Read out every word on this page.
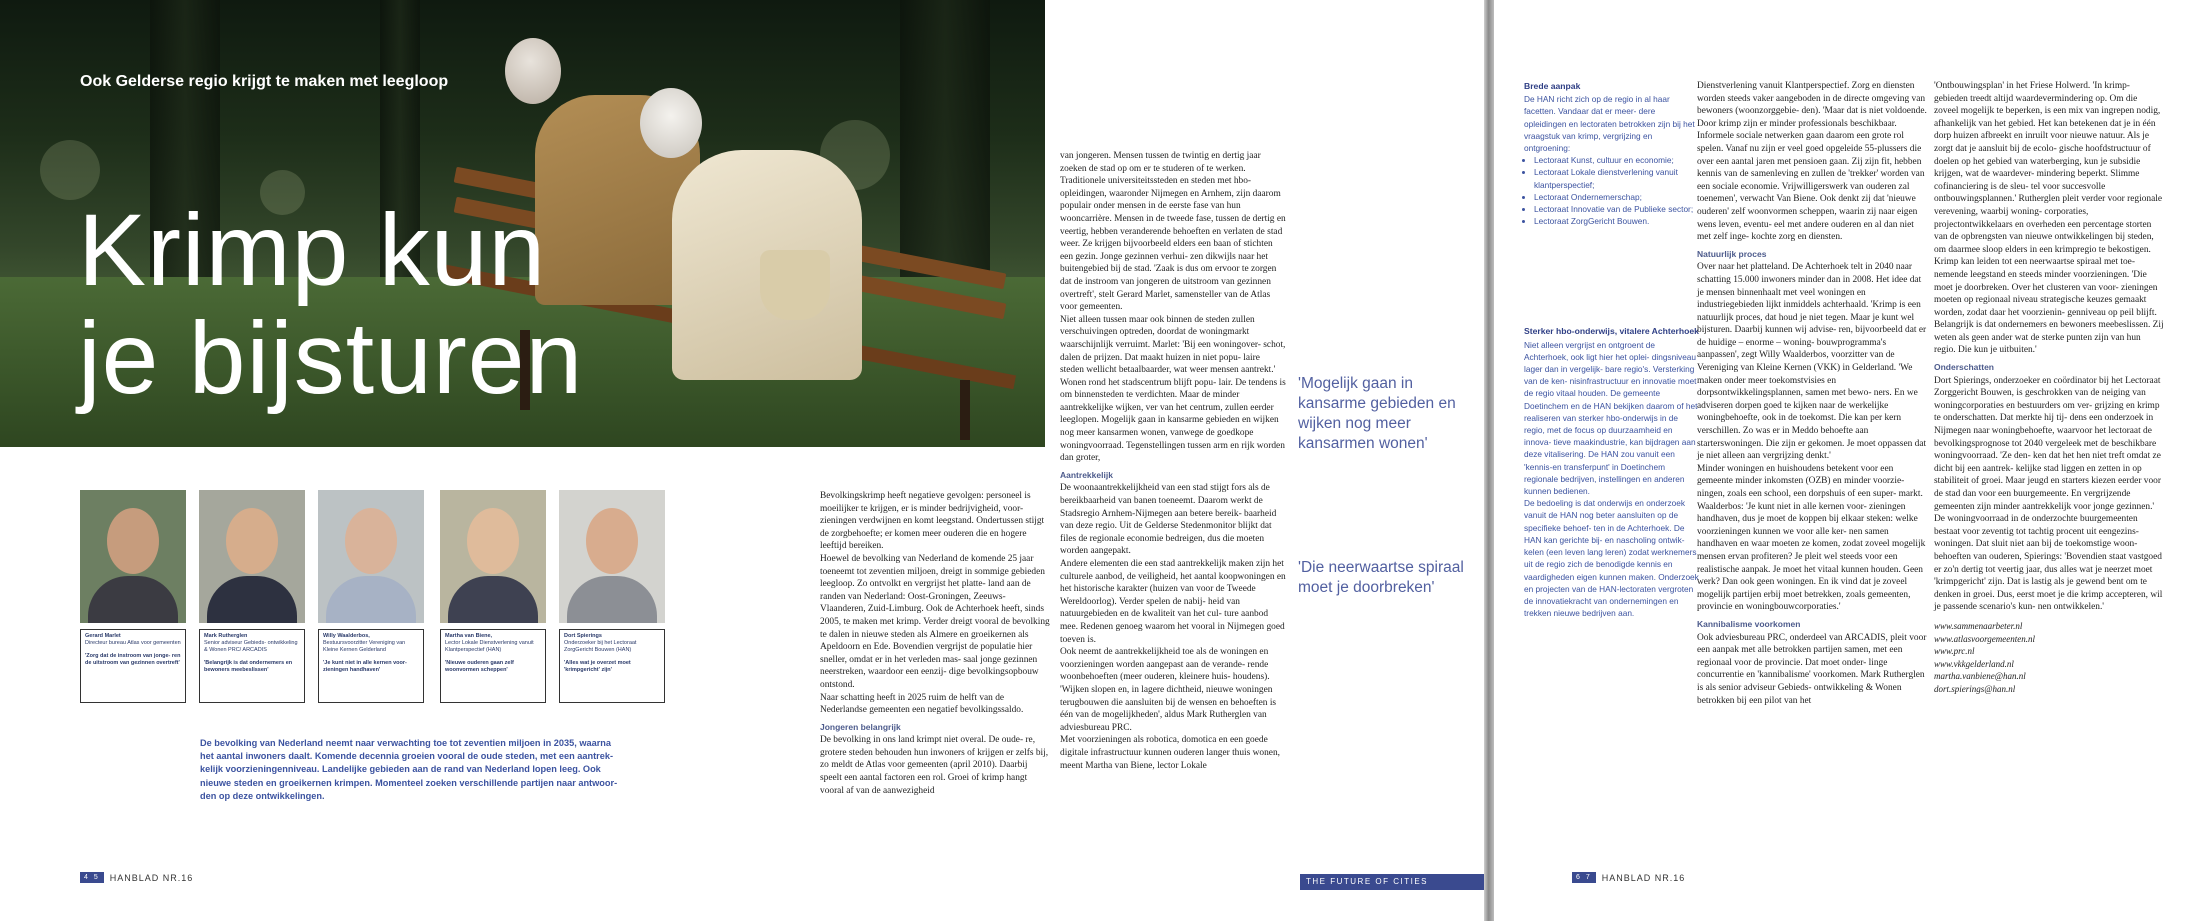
Ook Gelderse regio krijgt te maken met leegloop
Krimp kun
je bijsturen
Gerard Marlet
Directeur bureau Atlas voor gemeenten
'Zorg dat de instroom van jonge- ren de uitstroom van gezinnen overtreft'
Mark Rutherglen
Senior adviseur Gebieds- ontwikkeling & Wonen PRC/ ARCADIS
'Belangrijk is dat ondernemers en bewoners meebeslissen'
Willy Waalderbos,
Bestuursvoorzitter Vereniging van Kleine Kernen Gelderland
'Je kunt niet in alle kernen voor- zieningen handhaven'
Martha van Biene,
Lector Lokale Dienstverlening vanuit Klantperspectief (HAN)
'Nieuwe ouderen gaan zelf woonvormen scheppen'
Dort Spierings
Onderzoeker bij het Lectoraat ZorgGericht Bouwen (HAN)
'Alles wat je overzet moet 'krimpgericht' zijn'

De bevolking van Nederland neemt naar verwachting toe tot zeventien miljoen in 2035, waarna het aantal inwoners daalt. Komende decennia groeien vooral de oude steden, met een aantrek- kelijk voorzieningenniveau. Landelijke gebieden aan de rand van Nederland lopen leeg. Ook nieuwe steden en groeikernen krimpen. Momenteel zoeken verschillende partijen naar antwoor- den op deze ontwikkelingen.

Bevolkingskrimp heeft negatieve gevolgen: personeel is moeilijker te krijgen, er is minder bedrijvigheid, voor- zieningen verdwijnen en komt leegstand. Ondertussen stijgt de zorgbehoefte; er komen meer ouderen die en hogere leeftijd bereiken.

Hoewel de bevolking van Nederland de komende 25 jaar toeneemt tot zeventien miljoen, dreigt in sommige gebieden leegloop. Zo ontvolkt en vergrijst het platte- land aan de randen van Nederland: Oost-Groningen, Zeeuws-Vlaanderen, Zuid-Limburg. Ook de Achterhoek heeft, sinds 2005, te maken met krimp. Verder dreigt vooral de bevolking te dalen in nieuwe steden als Almere en groeikernen als Apeldoorn en Ede. Bovendien vergrijst de populatie hier sneller, omdat er in het verleden mas- saal jonge gezinnen neerstreken, waardoor een eenzij- dige bevolkingsopbouw ontstond.

Naar schatting heeft in 2025 ruim de helft van de Nederlandse gemeenten een negatief bevolkingssaldo.

Jongeren belangrijk

De bevolking in ons land krimpt niet overal. De oude- re, grotere steden behouden hun inwoners of krijgen er zelfs bij, zo meldt de Atlas voor gemeenten (april 2010). Daarbij speelt een aantal factoren een rol. Groei of krimp hangt vooral af van de aanwezigheid

van jongeren. Mensen tussen de twintig en dertig jaar zoeken de stad op om er te studeren of te werken. Traditionele universiteitssteden en steden met hbo- opleidingen, waaronder Nijmegen en Arnhem, zijn daarom populair onder mensen in de eerste fase van hun wooncarrière. Mensen in de tweede fase, tussen de dertig en veertig, hebben veranderende behoeften en verlaten de stad weer. Ze krijgen bijvoorbeeld elders een baan of stichten een gezin. Jonge gezinnen verhui- zen dikwijls naar het buitengebied bij de stad. 'Zaak is dus om ervoor te zorgen dat de instroom van jongeren de uitstroom van gezinnen overtreft', stelt Gerard Marlet, samensteller van de Atlas voor gemeenten.

Niet alleen tussen maar ook binnen de steden zullen verschuivingen optreden, doordat de woningmarkt waarschijnlijk verruimt. Marlet: 'Bij een woningover- schot, dalen de prijzen. Dat maakt huizen in niet popu- laire steden wellicht betaalbaarder, wat weer mensen aantrekt.' Wonen rond het stadscentrum blijft popu- lair. De tendens is om binnensteden te verdichten. Maar de minder aantrekkelijke wijken, ver van het centrum, zullen eerder leeglopen. Mogelijk gaan in kansarme gebieden en wijken nog meer kansarmen wonen, vanwege de goedkope woningvoorraad. Tegenstellingen tussen arm en rijk worden dan groter,

Aantrekkelijk

De woonaantrekkelijkheid van een stad stijgt fors als de bereikbaarheid van banen toeneemt. Daarom werkt de Stadsregio Arnhem-Nijmegen aan betere bereik- baarheid van deze regio. Uit de Gelderse Stedenmonitor blijkt dat files de regionale economie bedreigen, dus die moeten worden aangepakt.

Andere elementen die een stad aantrekkelijk maken zijn het culturele aanbod, de veiligheid, het aantal koopwoningen en het historische karakter (huizen van voor de Tweede Wereldoorlog). Verder spelen de nabij- heid van natuurgebieden en de kwaliteit van het cul- ture aanbod mee. Redenen genoeg waarom het vooral in Nijmegen goed toeven is.

Ook neemt de aantrekkelijkheid toe als de woningen en voorzieningen worden aangepast aan de verande- rende woonbehoeften (meer ouderen, kleinere huis- houdens). 'Wijken slopen en, in lagere dichtheid, nieuwe woningen terugbouwen die aansluiten bij de wensen en behoeften is één van de mogelijkheden', aldus Mark Rutherglen van adviesbureau PRC.

Met voorzieningen als robotica, domotica en een goede digitale infrastructuur kunnen ouderen langer thuis wonen, meent Martha van Biene, lector Lokale

'Mogelijk gaan in kansarme gebieden en wijken nog meer kansarmen wonen'
'Die neerwaartse spiraal moet je doorbreken'
4 5	HANBLAD NR.16	THE FUTURE OF CITIES
Brede aanpak

De HAN richt zich op de regio in al haar facetten. Vandaar dat er meer- dere opleidingen en lectoraten betrokken zijn bij het vraagstuk van krimp, vergrijzing en ontgroening:

• Lectoraat Kunst, cultuur en economie;
• Lectoraat Lokale dienstverlening vanuit klantperspectief;
• Lectoraat Ondernemerschap;
• Lectoraat Innovatie van de Publieke sector;
• Lectoraat ZorgGericht Bouwen.
Sterker hbo-onderwijs, vitalere Achterhoek

Niet alleen vergrijst en ontgroent de Achterhoek, ook ligt hier het oplei- dingsniveau lager dan in vergelijk- bare regio's. Versterking van de ken- nisinfrastructuur en innovatie moet de regio vitaal houden. De gemeente Doetinchem en de HAN bekijken daarom of het realiseren van sterker hbo-onderwijs in de regio, met de focus op duurzaamheid en innova- tieve maakindustrie, kan bijdragen aan deze vitalisering. De HAN zou vanuit een 'kennis-en transferpunt' in Doetinchem regionale bedrijven, instellingen en anderen kunnen bedienen.

De bedoeling is dat onderwijs en onderzoek vanuit de HAN nog beter aansluiten op de specifieke behoef- ten in de Achterhoek. De HAN kan gerichte bij- en nascholing ontwik- kelen (een leven lang leren) zodat werknemers uit de regio zich de benodigde kennis en vaardigheden eigen kunnen maken. Onderzoek en projecten van de HAN-lectoraten vergroten de innovatiekracht van ondernemingen en trekken nieuwe bedrijven aan.

Dienstverlening vanuit Klantperspectief. Zorg en diensten worden steeds vaker aangeboden in de directe omgeving van bewoners (woonzorggebie- den). 'Maar dat is niet voldoende. Door krimp zijn er minder professionals beschikbaar. Informele sociale netwerken gaan daarom een grote rol spelen. Vanaf nu zijn er veel goed opgeleide 55-plussers die over een aantal jaren met pensioen gaan. Zij zijn fit, hebben kennis van de samenleving en zullen de 'trekker' worden van een sociale economie. Vrijwilligerswerk van ouderen zal toenemen', verwacht Van Biene. Ook denkt zij dat 'nieuwe ouderen' zelf woonvormen scheppen, waarin zij naar eigen wens leven, eventu- eel met andere ouderen en al dan niet met zelf inge- kochte zorg en diensten.

Natuurlijk proces

Over naar het platteland. De Achterhoek telt in 2040 naar schatting 15.000 inwoners minder dan in 2008. Het idee dat je mensen binnenhaalt met veel woningen en industriegebieden lijkt inmiddels achterhaald. 'Krimp is een natuurlijk proces, dat houd je niet tegen. Maar je kunt wel bijsturen. Daarbij kunnen wij advise- ren, bijvoorbeeld dat er de huidige – enorme – woning- bouwprogramma's aanpassen', zegt Willy Waalderbos, voorzitter van de Vereniging van Kleine Kernen (VKK) in Gelderland. 'We maken onder meer toekomstvisies en dorpsontwikkelingsplannen, samen met bewo- ners. En we adviseren dorpen goed te kijken naar de werkelijke woningbehoefte, ook in de toekomst. Die kan per kern verschillen. Zo was er in Meddo behoefte aan starterswoningen. Die zijn er gekomen. Je moet oppassen dat je niet alleen aan vergrijzing denkt.'

Minder woningen en huishoudens betekent voor een gemeente minder inkomsten (OZB) en minder voorzie- ningen, zoals een school, een dorpshuis of een super- markt. Waalderbos: 'Je kunt niet in alle kernen voor- zieningen handhaven, dus je moet de koppen bij elkaar steken: welke voorzieningen kunnen we voor alle ker- nen samen handhaven en waar moeten ze komen, zodat zoveel mogelijk mensen ervan profiteren? Je pleit wel steeds voor een realistische aanpak. Je moet het vitaal kunnen houden. Geen werk? Dan ook geen woningen. En ik vind dat je zoveel mogelijk partijen erbij moet betrekken, zoals gemeenten, provincie en woningbouwcorporaties.'

Kannibalisme voorkomen

Ook adviesbureau PRC, onderdeel van ARCADIS, pleit voor een aanpak met alle betrokken partijen samen, met een regionaal voor de provincie. Dat moet onder- linge concurrentie en 'kannibalisme' voorkomen. Mark Rutherglen is als senior adviseur Gebieds- ontwikkeling & Wonen betrokken bij een pilot van het

'Ontbouwingsplan' in het Friese Holwerd. 'In krimp- gebieden treedt altijd waardevermindering op. Om die zoveel mogelijk te beperken, is een mix van ingrepen nodig, afhankelijk van het gebied. Het kan betekenen dat je in één dorp huizen afbreekt en inruilt voor nieuwe natuur. Als je zorgt dat je aansluit bij de ecolo- gische hoofdstructuur of doelen op het gebied van waterberging, kun je subsidie krijgen, wat de waardever- mindering beperkt. Slimme cofinanciering is de sleu- tel voor succesvolle ontbouwingsplannen.' Rutherglen pleit verder voor regionale verevening, waarbij woning- corporaties, projectontwikkelaars en overheden een percentage storten van de opbrengsten van nieuwe ontwikkelingen bij steden, om daarmee sloop elders in een krimpregio te bekostigen.

Krimp kan leiden tot een neerwaartse spiraal met toe- nemende leegstand en steeds minder voorzieningen. 'Die moet je doorbreken. Over het clusteren van voor- zieningen moeten op regionaal niveau strategische keuzes gemaakt worden, zodat daar het voorzienin- genniveau op peil blijft. Belangrijk is dat ondernemers en bewoners meebeslissen. Zij weten als geen ander wat de sterke punten zijn van hun regio. Die kun je uitbuiten.'

Onderschatten

Dort Spierings, onderzoeker en coördinator bij het Lectoraat Zorggericht Bouwen, is geschrokken van de neiging van woningcorporaties en bestuurders om ver- grijzing en krimp te onderschatten. Dat merkte hij tij- dens een onderzoek in Nijmegen naar woningbehoefte, waarvoor het lectoraat de bevolkingsprognose tot 2040 vergeleek met de beschikbare woningvoorraad. 'Ze den- ken dat het hen niet treft omdat ze dicht bij een aantrek- kelijke stad liggen en zetten in op stabiliteit of groei. Maar jeugd en starters kiezen eerder voor de stad dan voor een buurgemeente. En vergrijzende gemeenten zijn minder aantrekkelijk voor jonge gezinnen.'

De woningvoorraad in de onderzochte buurgemeenten bestaat voor zeventig tot tachtig procent uit eengezins- woningen. Dat sluit niet aan bij de toekomstige woon- behoeften van ouderen, Spierings: 'Bovendien staat vastgoed er zo'n dertig tot veertig jaar, dus alles wat je neerzet moet 'krimpgericht' zijn. Dat is lastig als je gewend bent om te denken in groei. Dus, eerst moet je die krimp accepteren, wil je passende scenario's kun- nen ontwikkelen.'

www.sammenaarbeter.nl
www.atlasvoorgemeenten.nl
www.prc.nl
www.vkkgelderland.nl
martha.vanbiene@han.nl
dort.spierings@han.nl
6 7	HANBLAD NR.16
